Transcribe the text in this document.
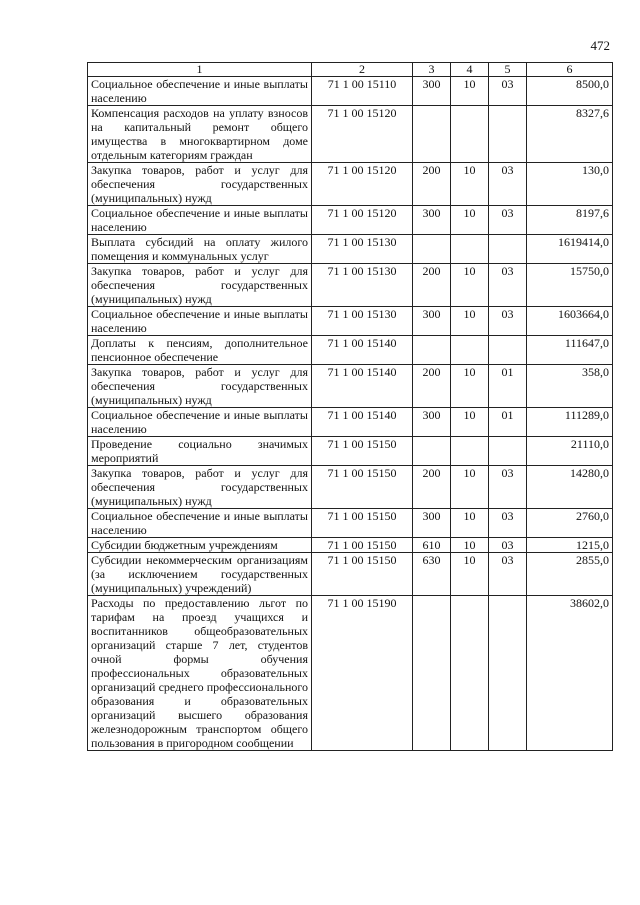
472
1	2	3	4	5	6
Социальное обеспечение и иные выплаты населению	71 1 00 15110	300	10	03	8500,0
Компенсация расходов на уплату взносов на капитальный ремонт общего имущества в многоквартирном доме отдельным категориям граждан	71 1 00 15120				8327,6
Закупка товаров, работ и услуг для обеспечения государственных (муниципальных) нужд	71 1 00 15120	200	10	03	130,0
Социальное обеспечение и иные выплаты населению	71 1 00 15120	300	10	03	8197,6
Выплата субсидий на оплату жилого помещения и коммунальных услуг	71 1 00 15130				1619414,0
Закупка товаров, работ и услуг для обеспечения государственных (муниципальных) нужд	71 1 00 15130	200	10	03	15750,0
Социальное обеспечение и иные выплаты населению	71 1 00 15130	300	10	03	1603664,0
Доплаты к пенсиям, дополнительное пенсионное обеспечение	71 1 00 15140				111647,0
Закупка товаров, работ и услуг для обеспечения государственных (муниципальных) нужд	71 1 00 15140	200	10	01	358,0
Социальное обеспечение и иные выплаты населению	71 1 00 15140	300	10	01	111289,0
Проведение социально значимых мероприятий	71 1 00 15150				21110,0
Закупка товаров, работ и услуг для обеспечения государственных (муниципальных) нужд	71 1 00 15150	200	10	03	14280,0
Социальное обеспечение и иные выплаты населению	71 1 00 15150	300	10	03	2760,0
Субсидии бюджетным учреждениям	71 1 00 15150	610	10	03	1215,0
Субсидии некоммерческим организациям (за исключением государственных (муниципальных) учреждений)	71 1 00 15150	630	10	03	2855,0
Расходы по предоставлению льгот по тарифам на проезд учащихся и воспитанников общеобразовательных организаций старше 7 лет, студентов очной формы обучения профессиональных образовательных организаций среднего профессионального образования и образовательных организаций высшего образования железнодорожным транспортом общего пользования в пригородном сообщении	71 1 00 15190				38602,0
